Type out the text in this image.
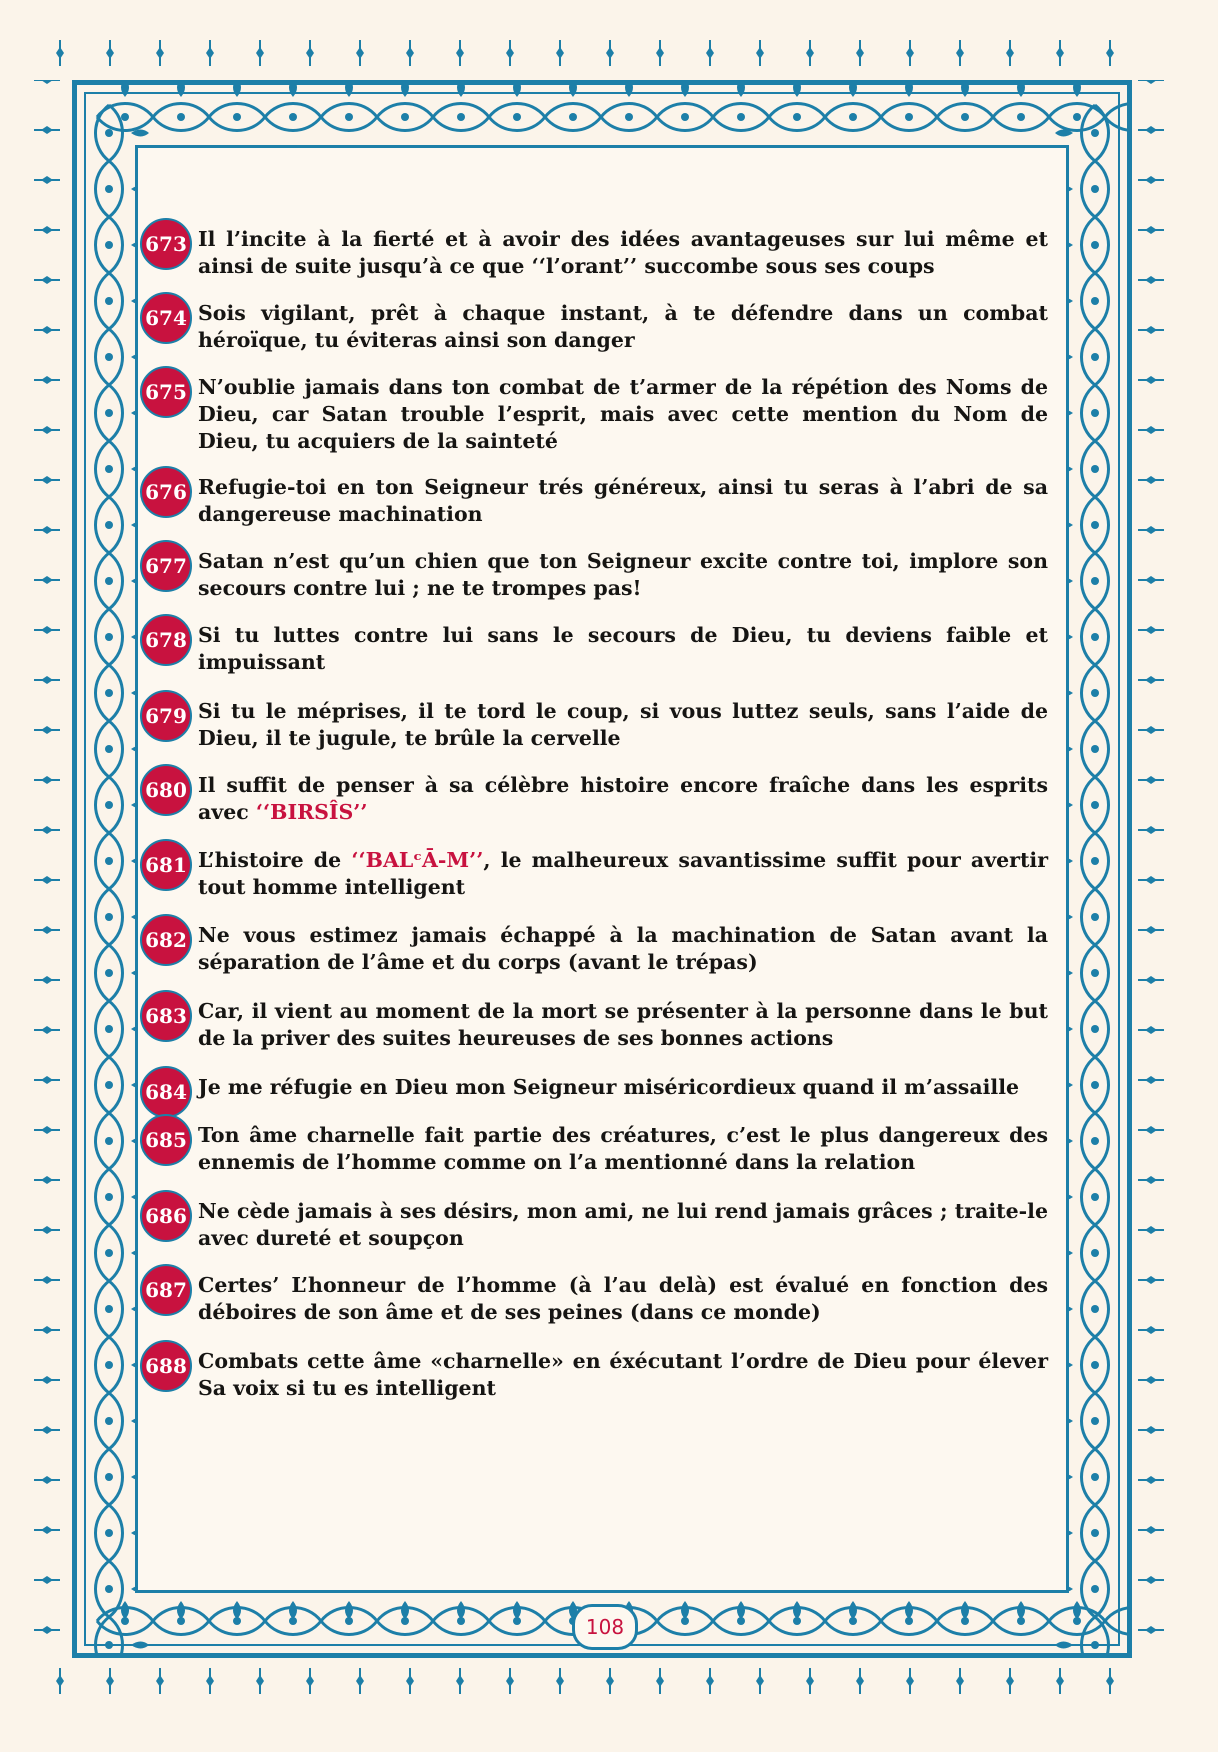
673 Il l’incite à la fierté et à avoir des idées avantageuses sur lui même et ainsi de suite jusqu’à ce que ‘‘l’orant’’ succombe sous ses coups
674 Sois vigilant, prêt à chaque instant, à te défendre dans un combat héroïque, tu éviteras ainsi son danger
675 N’oublie jamais dans ton combat de t’armer de la répétion des Noms de Dieu, car Satan trouble l’esprit, mais avec cette mention du Nom de Dieu, tu acquiers de la sainteté
676 Refugie-toi en ton Seigneur trés généreux, ainsi tu seras à l’abri de sa dangereuse machination
677 Satan n’est qu’un chien que ton Seigneur excite contre toi, implore son secours contre lui ; ne te trompes pas!
678 Si tu luttes contre lui sans le secours de Dieu, tu deviens faible et impuissant
679 Si tu le méprises, il te tord le coup, si vous luttez seuls, sans l’aide de Dieu, il te jugule, te brûle la cervelle
680 Il suffit de penser à sa célèbre histoire encore fraîche dans les esprits avec ‘‘BIRSÎS’’
681 L’histoire de ‘‘BALᶜĀ-M’’, le malheureux savantissime suffit pour avertir tout homme intelligent
682 Ne vous estimez jamais échappé à la machination de Satan avant la séparation de l’âme et du corps (avant le trépas)
683 Car, il vient au moment de la mort se présenter à la personne dans le but de la priver des suites heureuses de ses bonnes actions
684 Je me réfugie en Dieu mon Seigneur miséricordieux quand il m’assaille
685 Ton âme charnelle fait partie des créatures, c’est le plus dangereux des ennemis de l’homme comme on l’a mentionné dans la relation
686 Ne cède jamais à ses désirs, mon ami, ne lui rend jamais grâces ; traite-le avec dureté et soupçon
687 Certes’ L’honneur de l’homme (à l’au delà) est évalué en fonction des déboires de son âme et de ses peines (dans ce monde)
688 Combats cette âme «charnelle» en éxécutant l’ordre de Dieu pour élever Sa voix si tu es intelligent
108
